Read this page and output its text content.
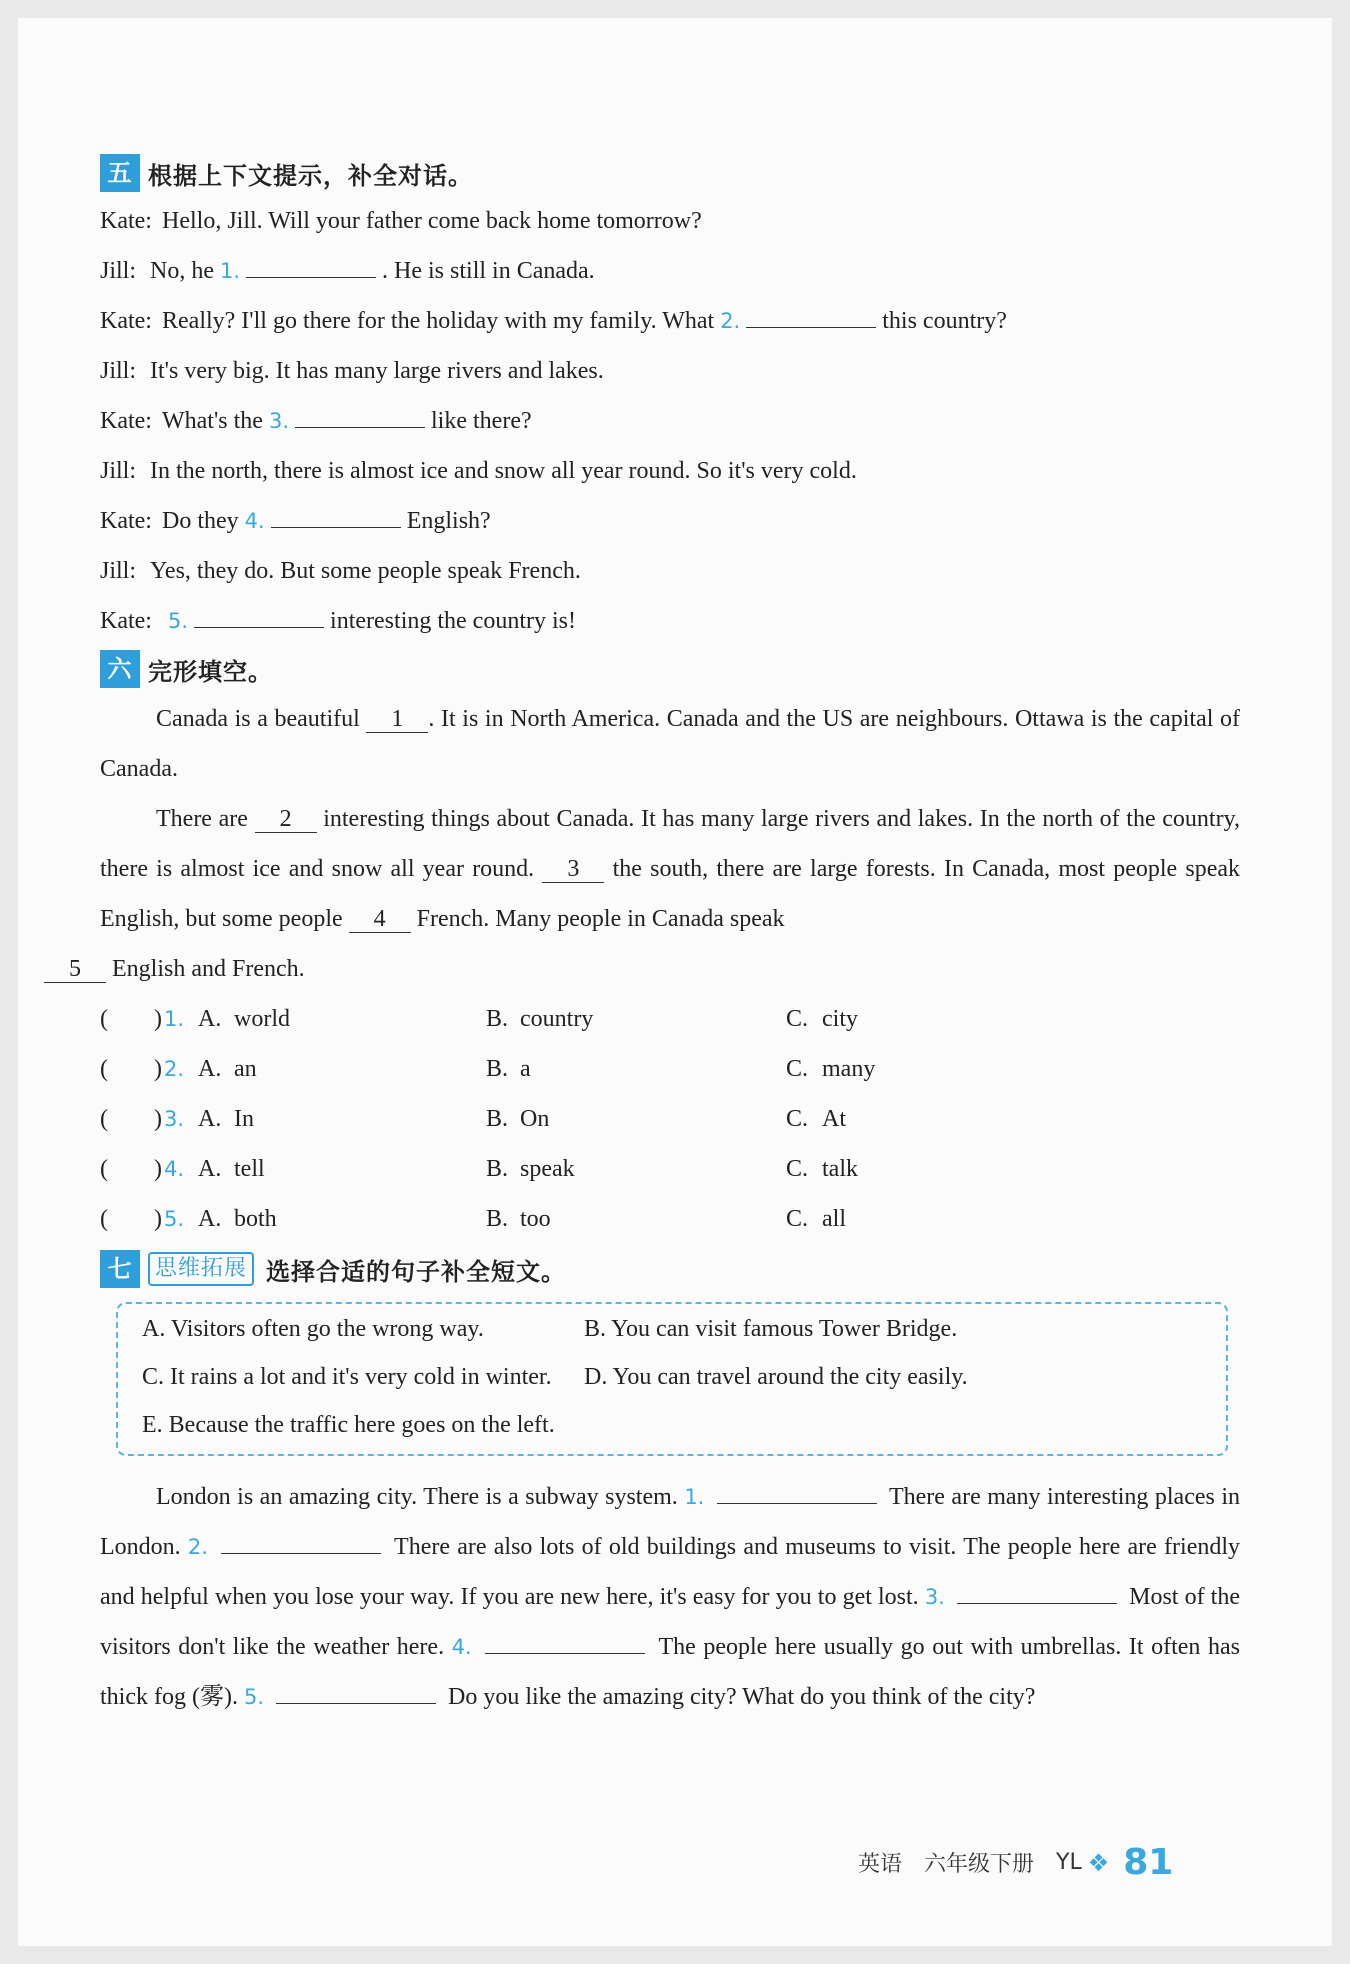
五 根据上下文提示，补全对话。
Kate: Hello, Jill. Will your father come back home tomorrow?
Jill: No, he 1.	. He is still in Canada.
Kate: Really? I'll go there for the holiday with my family. What 2.	this country?
Jill: It's very big. It has many large rivers and lakes.
Kate: What's the 3.	like there?
Jill: In the north, there is almost ice and snow all year round. So it's very cold.
Kate: Do they 4.	English?
Jill: Yes, they do. But some people speak French.
Kate: 5.	interesting the country is!
六 完形填空。
Canada is a beautiful 1 . It is in North America. Canada and the US are neighbours. Ottawa is the capital of Canada.
There are 2 interesting things about Canada. It has many large rivers and lakes. In the north of the country, there is almost ice and snow all year round. 3 the south, there are large forests. In Canada, most people speak English, but some people 4 French. Many people in Canada speak
5 English and French.
( ) 1. A. world	B. country	C. city
( ) 2. A. an	B. a	C. many
( ) 3. A. In	B. On	C. At
( ) 4. A. tell	B. speak	C. talk
( ) 5. A. both	B. too	C. all
七	思维拓展 选择合适的句子补全短文。
A. Visitors often go the wrong way.	B. You can visit famous Tower Bridge.
C. It rains a lot and it's very cold in winter. D. You can travel around the city easily.
E. Because the traffic here goes on the left.
London is an amazing city. There is a subway system. 1.	There are many interesting places in London. 2.	There are also lots of old buildings and museums to visit. The people here are friendly and helpful when you lose your way. If you are new here, it's easy for you to get lost. 3.	Most of the visitors don't like the weather here. 4.	The people here usually go out with umbrellas. It often has thick fog (雾). 5.	Do you like the amazing city? What do you think of the city?
英语 六年级下册 YL ❖ 81
